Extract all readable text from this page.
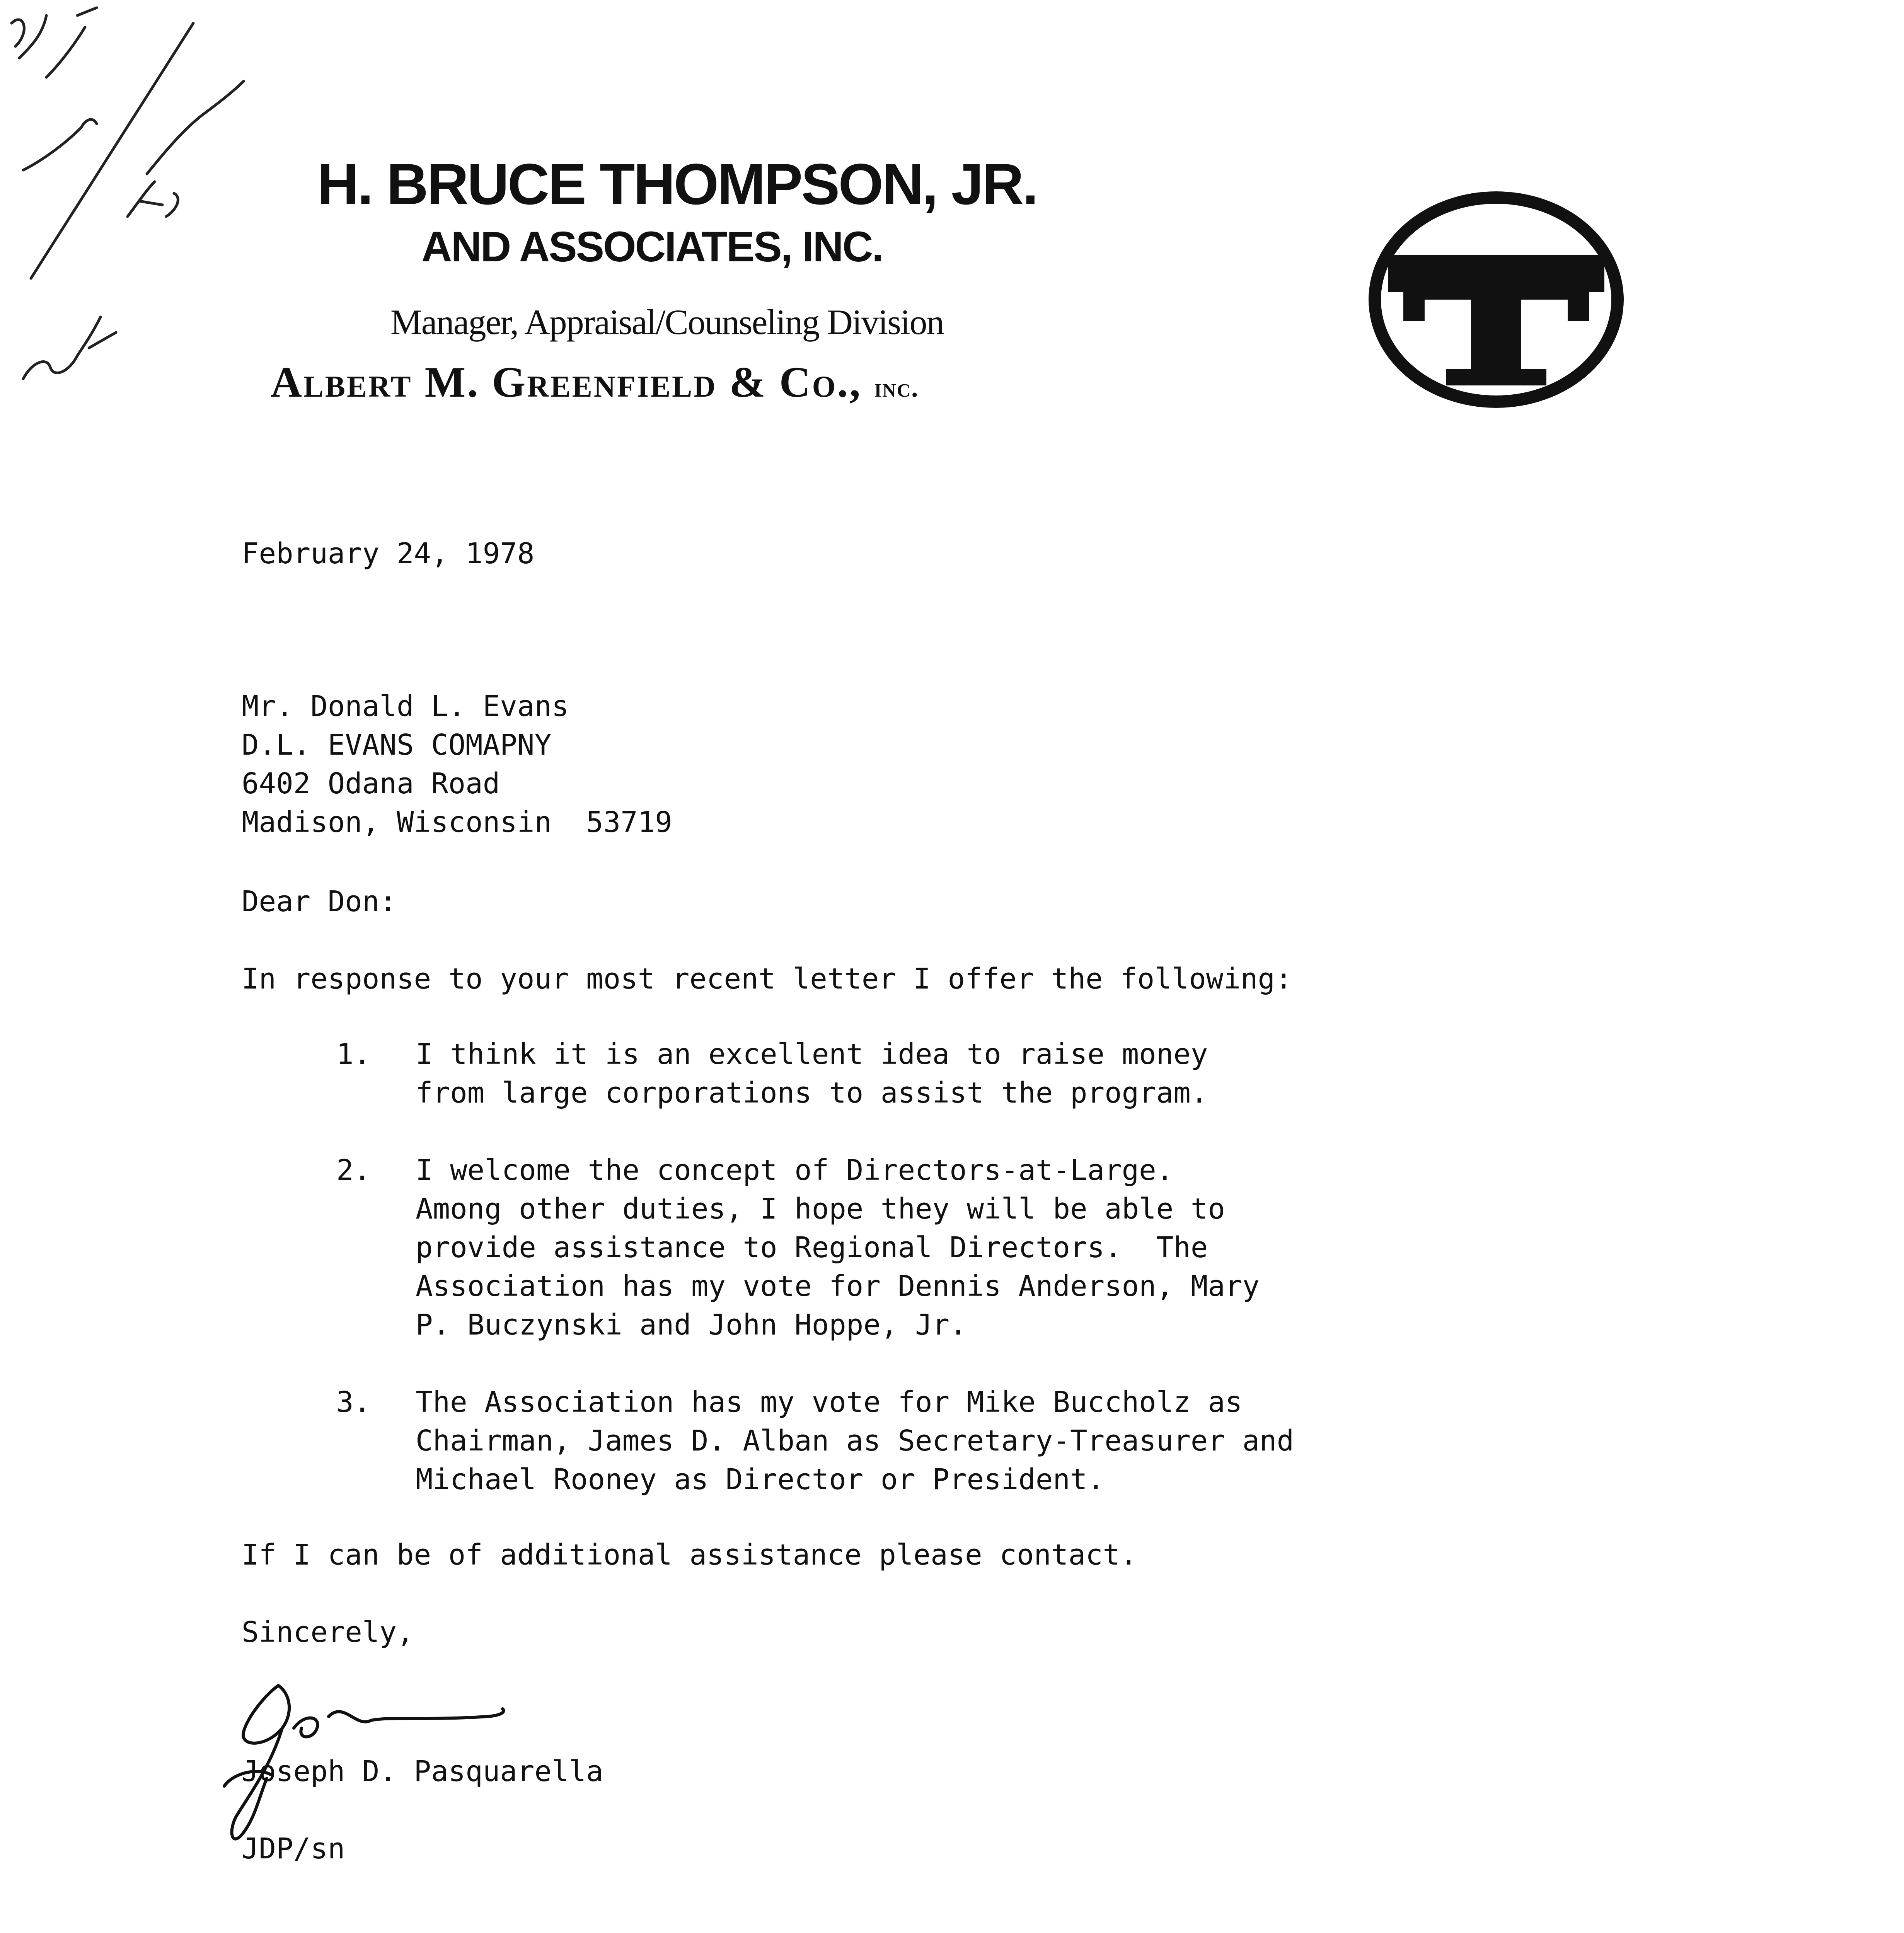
H. BRUCE THOMPSON, JR.
AND ASSOCIATES, INC.
Manager, Appraisal/Counseling Division
Albert M. Greenfield & Co., inc.
February 24, 1978
Mr. Donald L. Evans
D.L. EVANS COMAPNY
6402 Odana Road
Madison, Wisconsin  53719
Dear Don:
In response to your most recent letter I offer the following:
1. I think it is an excellent idea to raise money
from large corporations to assist the program.
2. I welcome the concept of Directors-at-Large.
Among other duties, I hope they will be able to
provide assistance to Regional Directors.  The
Association has my vote for Dennis Anderson, Mary
P. Buczynski and John Hoppe, Jr.
3. The Association has my vote for Mike Buccholz as
Chairman, James D. Alban as Secretary-Treasurer and
Michael Rooney as Director or President.
If I can be of additional assistance please contact.
Sincerely,
Joseph D. Pasquarella
JDP/sn
